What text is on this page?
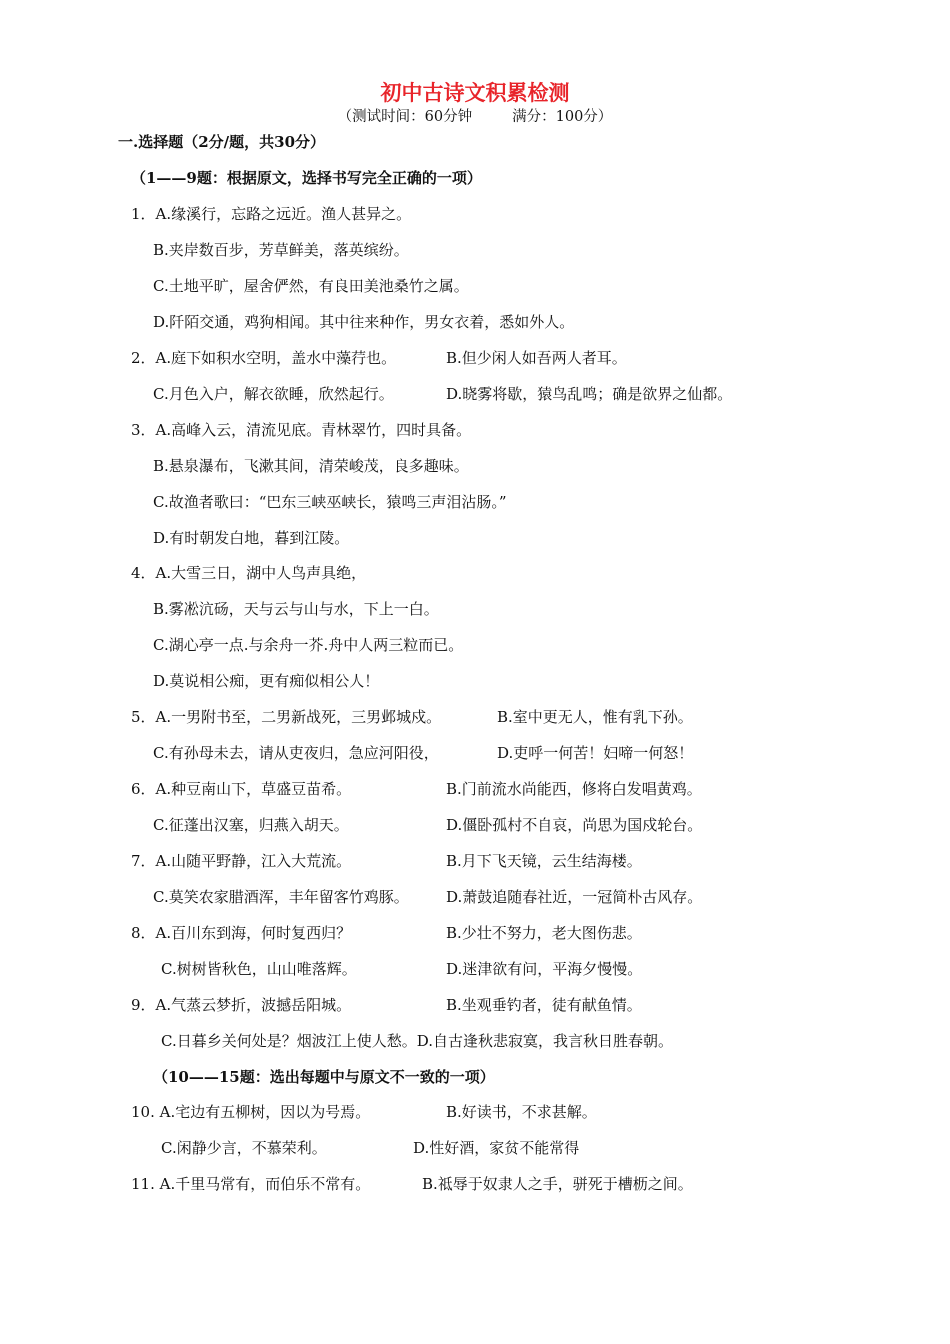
初中古诗文积累检测
（测试时间：60分钟	满分：100分）
一.选择题（2分/题，共30分）
（1——9题：根据原文，选择书写完全正确的一项）
1．A.缘溪行，忘路之远近。渔人甚异之。
B.夹岸数百步，芳草鲜美，落英缤纷。
C.土地平旷，屋舍俨然，有良田美池桑竹之属。
D.阡陌交通，鸡狗相闻。其中往来种作，男女衣着，悉如外人。
2．A.庭下如积水空明，盖水中藻荇也。	B.但少闲人如吾两人者耳。
C.月色入户，解衣欲睡，欣然起行。	D.晓雾将歇，猿鸟乱鸣；确是欲界之仙都。
3．A.高峰入云，清流见底。青林翠竹，四时具备。
B.悬泉瀑布，飞漱其间，清荣峻茂，良多趣味。
C.故渔者歌曰：“巴东三峡巫峡长，猿鸣三声泪沾肠。”
D.有时朝发白地，暮到江陵。
4．A.大雪三日，湖中人鸟声具绝，
B.雾凇沆砀，天与云与山与水，下上一白。
C.湖心亭一点.与余舟一芥.舟中人两三粒而已。
D.莫说相公痴，更有痴似相公人！
5．A.一男附书至，二男新战死，三男邺城戍。	B.室中更无人，惟有乳下孙。
C.有孙母未去，请从吏夜归，急应河阳役，	D.吏呼一何苦！妇啼一何怒！
6．A.种豆南山下，草盛豆苗希。	B.门前流水尚能西，修将白发唱黄鸡。
C.征蓬出汉塞，归燕入胡天。	D.僵卧孤村不自哀，尚思为国戍轮台。
7．A.山随平野静，江入大荒流。	B.月下飞天镜，云生结海楼。
C.莫笑农家腊酒浑，丰年留客竹鸡豚。 D.萧鼓追随春社近，一冠简朴古风存。
8．A.百川东到海，何时复西归？	B.少壮不努力，老大图伤悲。
C.树树皆秋色，山山唯落辉。	D.迷津欲有问，平海夕慢慢。
9．A.气蒸云梦折，波撼岳阳城。	B.坐观垂钓者，徒有献鱼情。
C.日暮乡关何处是？烟波江上使人愁。D.自古逢秋悲寂寞，我言秋日胜春朝。
（10——15题：选出每题中与原文不一致的一项）
10. A.宅边有五柳树，因以为号焉。	B.好读书，不求甚解。
C.闲静少言，不慕荣利。	D.性好酒，家贫不能常得
11. A.千里马常有，而伯乐不常有。	B.祗辱于奴隶人之手，骈死于槽枥之间。
